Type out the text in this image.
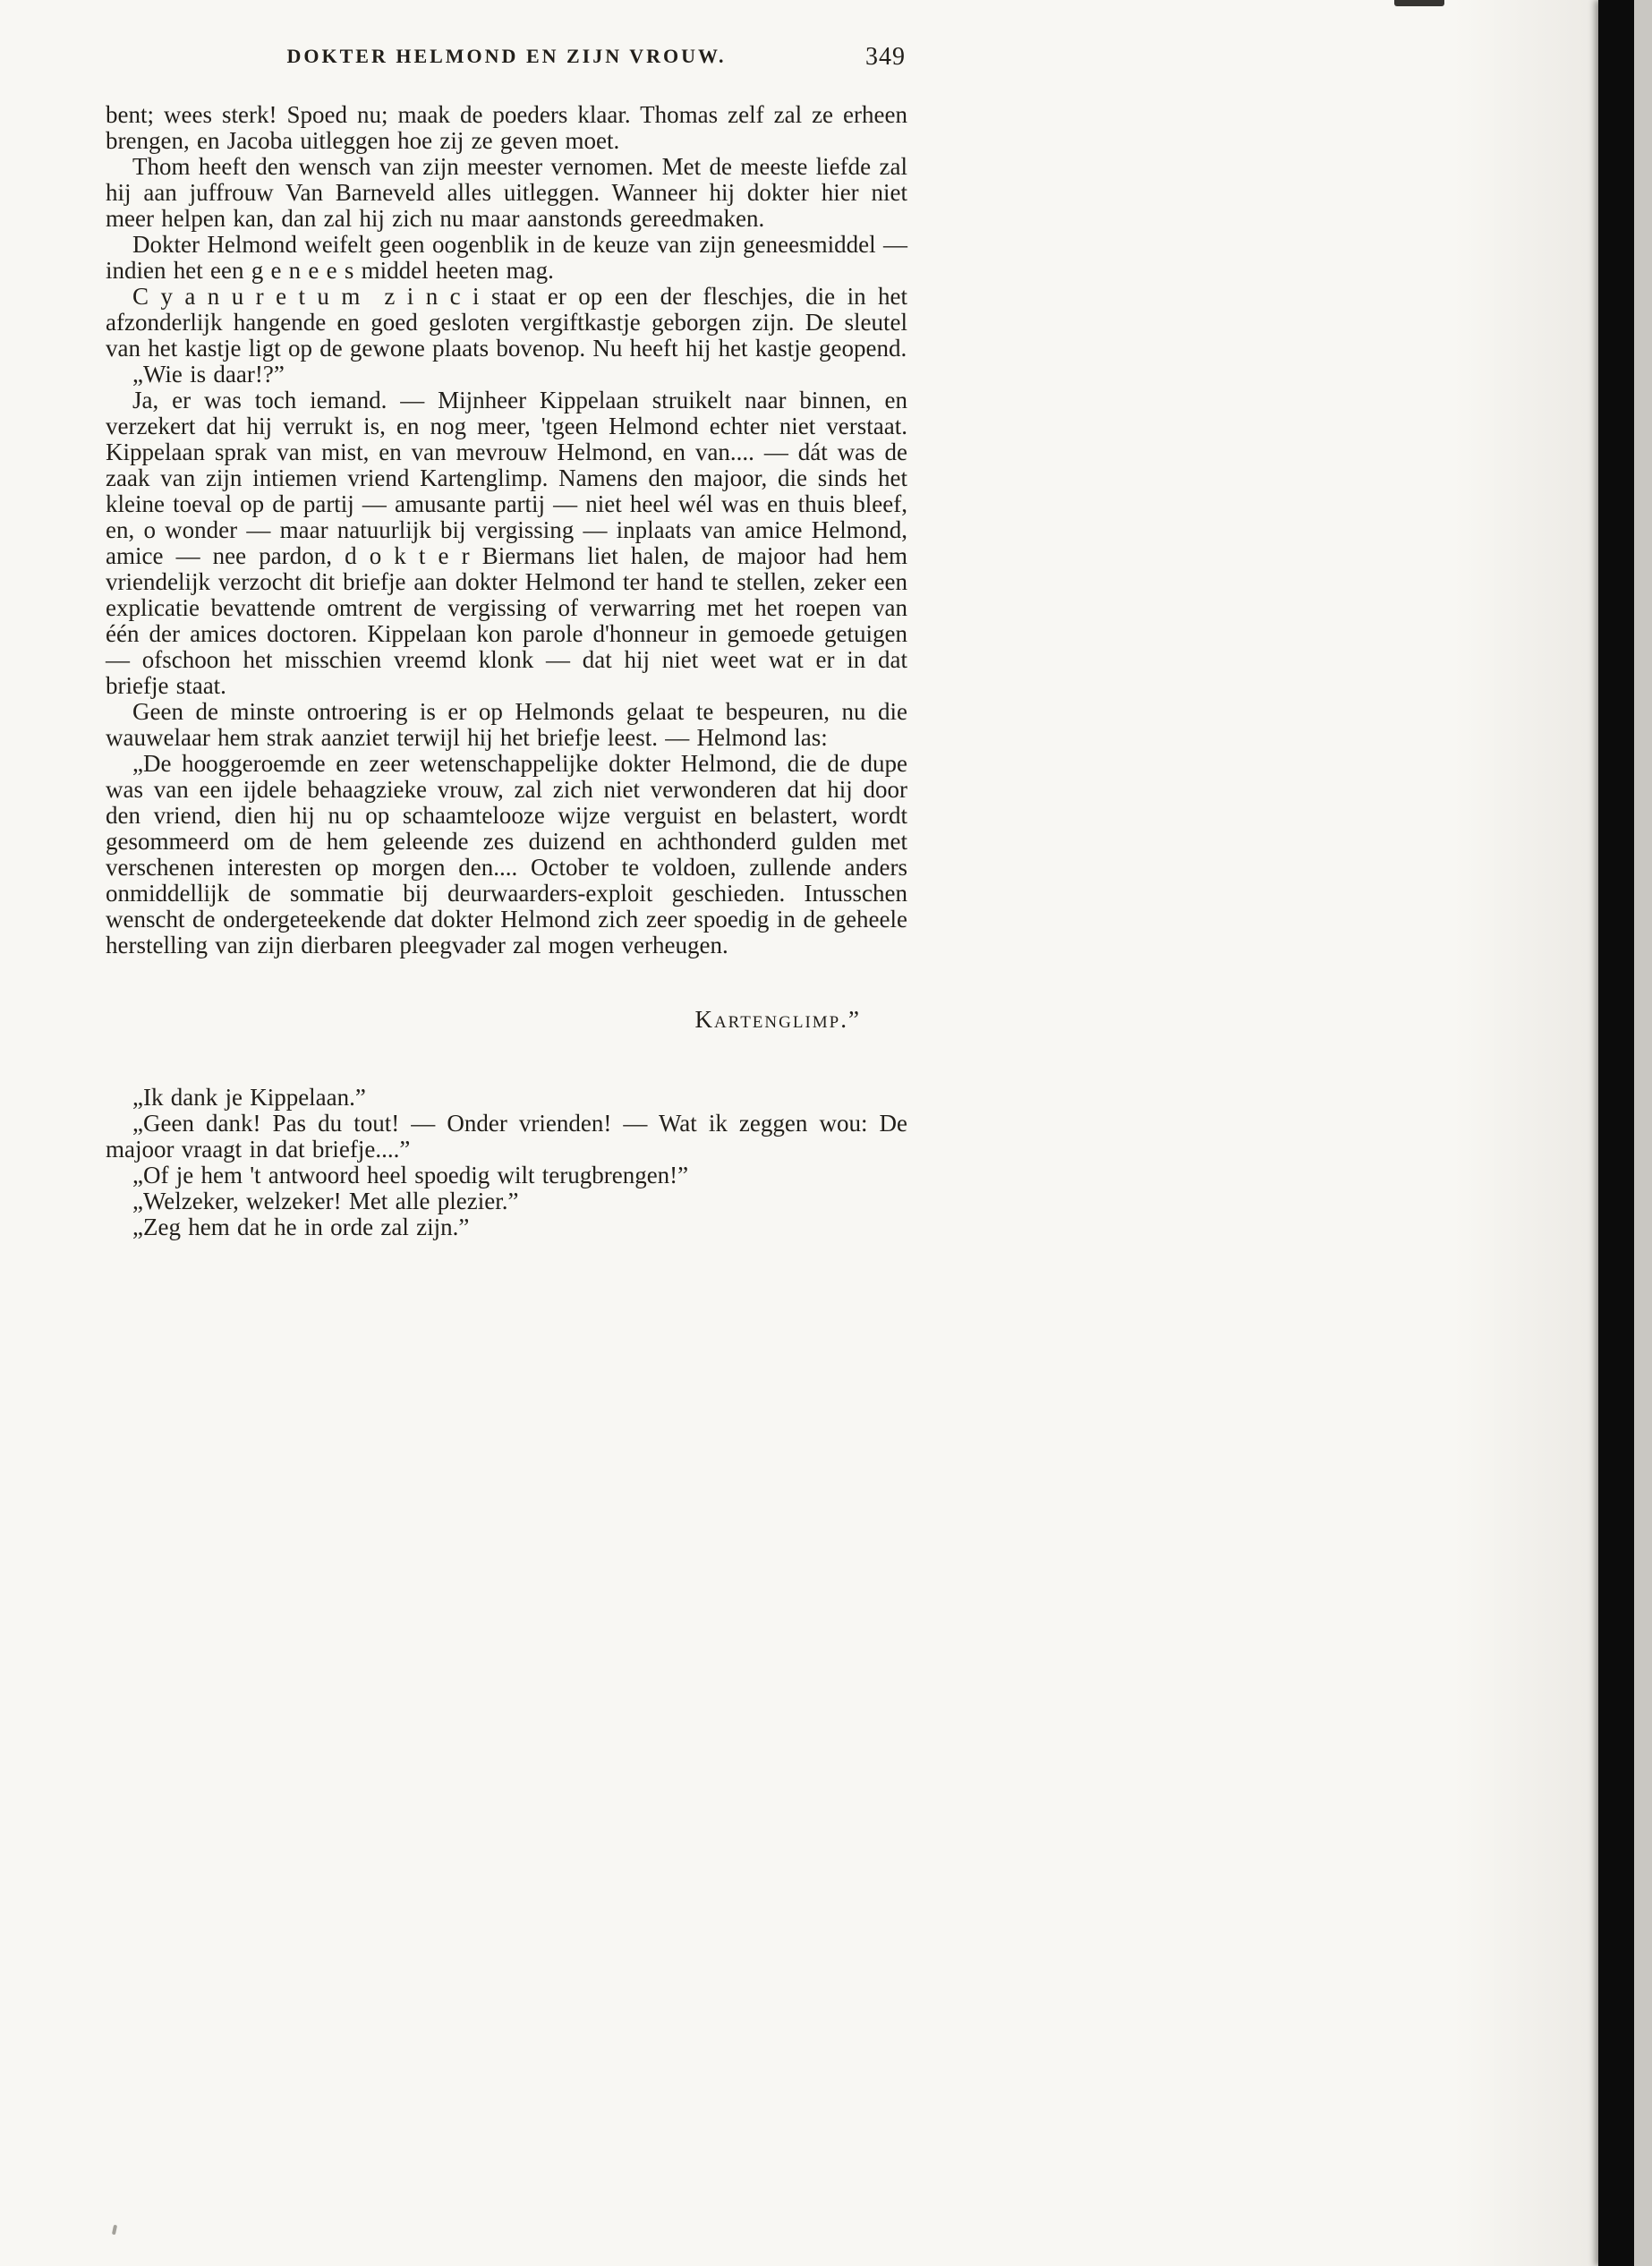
DOKTER HELMOND EN ZIJN VROUW.	349

bent; wees sterk! Spoed nu; maak de poeders klaar. Thomas zelf zal ze erheen brengen, en Jacoba uitleggen hoe zij ze geven moet.

Thom heeft den wensch van zijn meester vernomen. Met de meeste liefde zal hij aan juffrouw Van Barneveld alles uitleggen. Wanneer hij dokter hier niet meer helpen kan, dan zal hij zich nu maar aanstonds gereedmaken.

Dokter Helmond weifelt geen oogenblik in de keuze van zijn geneesmiddel — indien het een g e n e e s middel heeten mag.

C y a n u r e t u m  z i n c i staat er op een der fleschjes, die in het afzonderlijk hangende en goed gesloten vergiftkastje geborgen zijn. De sleutel van het kastje ligt op de gewone plaats bovenop. Nu heeft hij het kastje geopend.

„Wie is daar!?”

Ja, er was toch iemand. — Mijnheer Kippelaan struikelt naar binnen, en verzekert dat hij verrukt is, en nog meer, 'tgeen Helmond echter niet verstaat. Kippelaan sprak van mist, en van mevrouw Helmond, en van.... — dát was de zaak van zijn intiemen vriend Kartenglimp. Namens den majoor, die sinds het kleine toeval op de partij — amusante partij — niet heel wél was en thuis bleef, en, o wonder — maar natuurlijk bij vergissing — inplaats van amice Helmond, amice — nee pardon, d o k t e r Biermans liet halen, de majoor had hem vriendelijk verzocht dit briefje aan dokter Helmond ter hand te stellen, zeker een explicatie bevattende omtrent de vergissing of verwarring met het roepen van één der amices doctoren. Kippelaan kon parole d'honneur in gemoede getuigen — ofschoon het misschien vreemd klonk — dat hij niet weet wat er in dat briefje staat.

Geen de minste ontroering is er op Helmonds gelaat te bespeuren, nu die wauwelaar hem strak aanziet terwijl hij het briefje leest. — Helmond las:

„De hooggeroemde en zeer wetenschappelijke dokter Helmond, die de dupe was van een ijdele behaagzieke vrouw, zal zich niet verwonderen dat hij door den vriend, dien hij nu op schaamtelooze wijze verguist en belastert, wordt gesommeerd om de hem geleende zes duizend en achthonderd gulden met verschenen interesten op morgen den.... October te voldoen, zullende anders onmiddellijk de sommatie bij deurwaarders-exploit geschieden. Intusschen wenscht de ondergeteekende dat dokter Helmond zich zeer spoedig in de geheele herstelling van zijn dierbaren pleegvader zal mogen verheugen.

Kartenglimp.”

„Ik dank je Kippelaan.”

„Geen dank! Pas du tout! — Onder vrienden! — Wat ik zeggen wou: De majoor vraagt in dat briefje....”

„Of je hem 't antwoord heel spoedig wilt terugbrengen!”

„Welzeker, welzeker! Met alle plezier.”

„Zeg hem dat he in orde zal zijn.”
